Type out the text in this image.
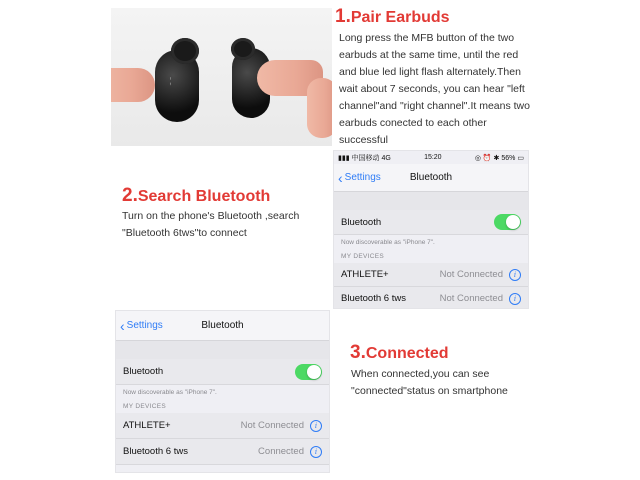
~ ~
1.Pair Earbuds
Long press the MFB button of the two earbuds at the same time, until the red and blue led light flash alternately.Then wait about 7 seconds, you can hear "left channel"and "right channel".It means two earbuds conected to each other successful
2.Search Bluetooth
Turn on the phone's Bluetooth ,search "Bluetooth 6tws"to connect
▮▮▮ 中国移动 4G	15:20	◎ ⏰ ✱ 56% ▭
‹ Settings	Bluetooth
Bluetooth
Now discoverable as "iPhone 7".
MY DEVICES
ATHLETE+	Not Connected	i
Bluetooth 6 tws	Not Connected	i
‹ Settings	Bluetooth
Bluetooth
Now discoverable as "iPhone 7".
MY DEVICES
ATHLETE+	Not Connected	i
Bluetooth 6 tws	Connected	i
3.Connected
When connected,you can see "connected"status on smartphone
